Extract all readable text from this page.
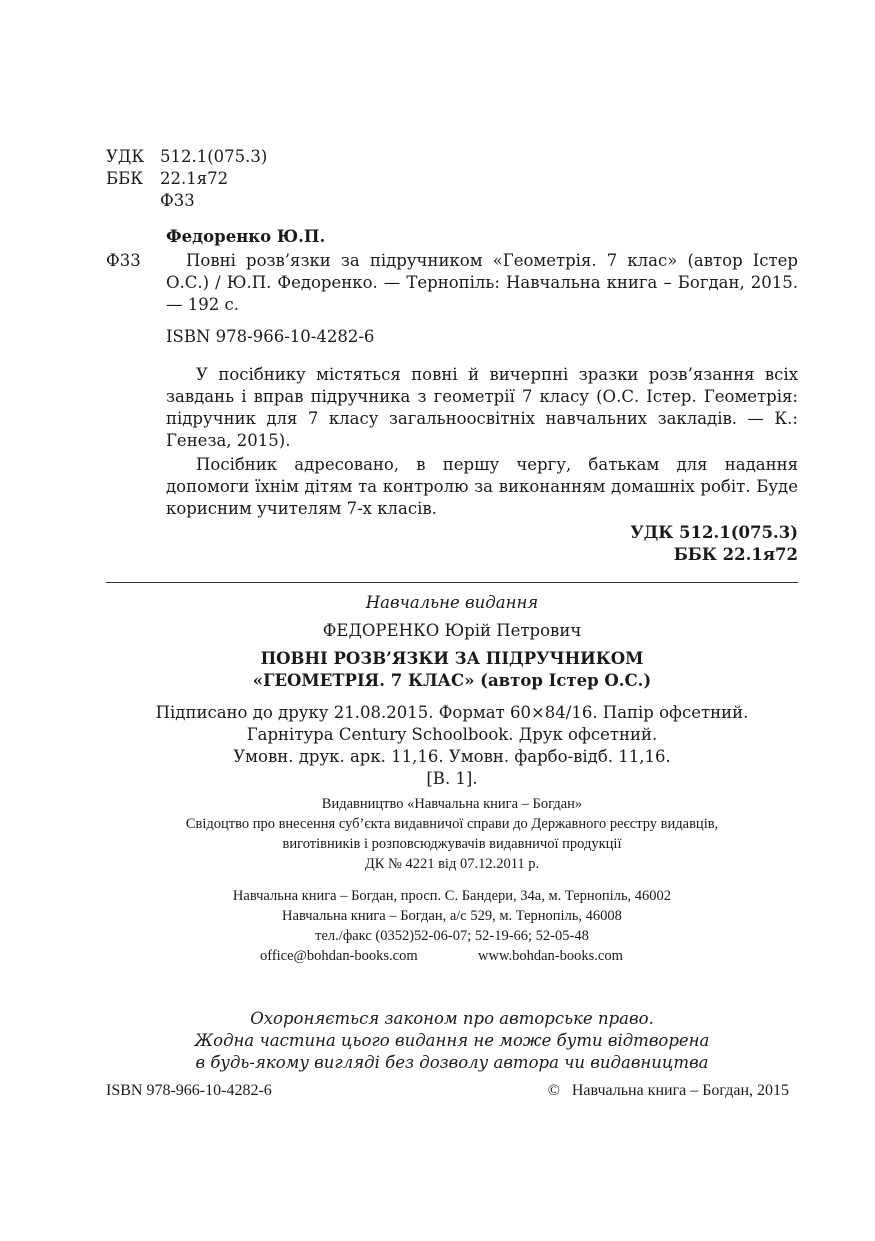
УДК 512.1(075.3)
ББК 22.1я72
Ф33
Федоренко Ю.П.
Ф33	Повні розв’язки за підручником «Геометрія. 7 клас» (автор Істер О.С.) / Ю.П. Федоренко. — Тернопіль: Навчальна книга – Богдан, 2015. — 192 с.
ISBN 978-966-10-4282-6
У посібнику містяться повні й вичерпні зразки розв’язання всіх завдань і вправ підручника з геометрії 7 класу (О.С. Істер. Геометрія: підручник для 7 класу загальноосвітніх навчальних закладів. — К.: Генеза, 2015).
Посібник адресовано, в першу чергу, батькам для надання допомоги їхнім дітям та контролю за виконанням домашніх робіт. Буде корисним учителям 7-х класів.
УДК 512.1(075.3)
ББК 22.1я72
Навчальне видання
ФЕДОРЕНКО Юрій Петрович
ПОВНІ РОЗВ’ЯЗКИ ЗА ПІДРУЧНИКОМ
«ГЕОМЕТРІЯ. 7 КЛАС» (автор Істер О.С.)
Підписано до друку 21.08.2015. Формат 60×84/16. Папір офсетний.
Гарнітура Century Schoolbook. Друк офсетний.
Умовн. друк. арк. 11,16. Умовн. фарбо-відб. 11,16.
[В. 1].
Видавництво «Навчальна книга – Богдан»
Свідоцтво про внесення суб’єкта видавничої справи до Державного реєстру видавців,
виготівників і розповсюджувачів видавничої продукції
ДК № 4221 від 07.12.2011 р.
Навчальна книга – Богдан, просп. С. Бандери, 34а, м. Тернопіль, 46002
Навчальна книга – Богдан, а/с 529, м. Тернопіль, 46008
тел./факс (0352)52-06-07; 52-19-66; 52-05-48
office@bohdan-books.com	www.bohdan-books.com
Охороняється законом про авторське право.
Жодна частина цього видання не може бути відтворена
в будь-якому вигляді без дозволу автора чи видавництва
ISBN 978-966-10-4282-6	©   Навчальна книга – Богдан, 2015
